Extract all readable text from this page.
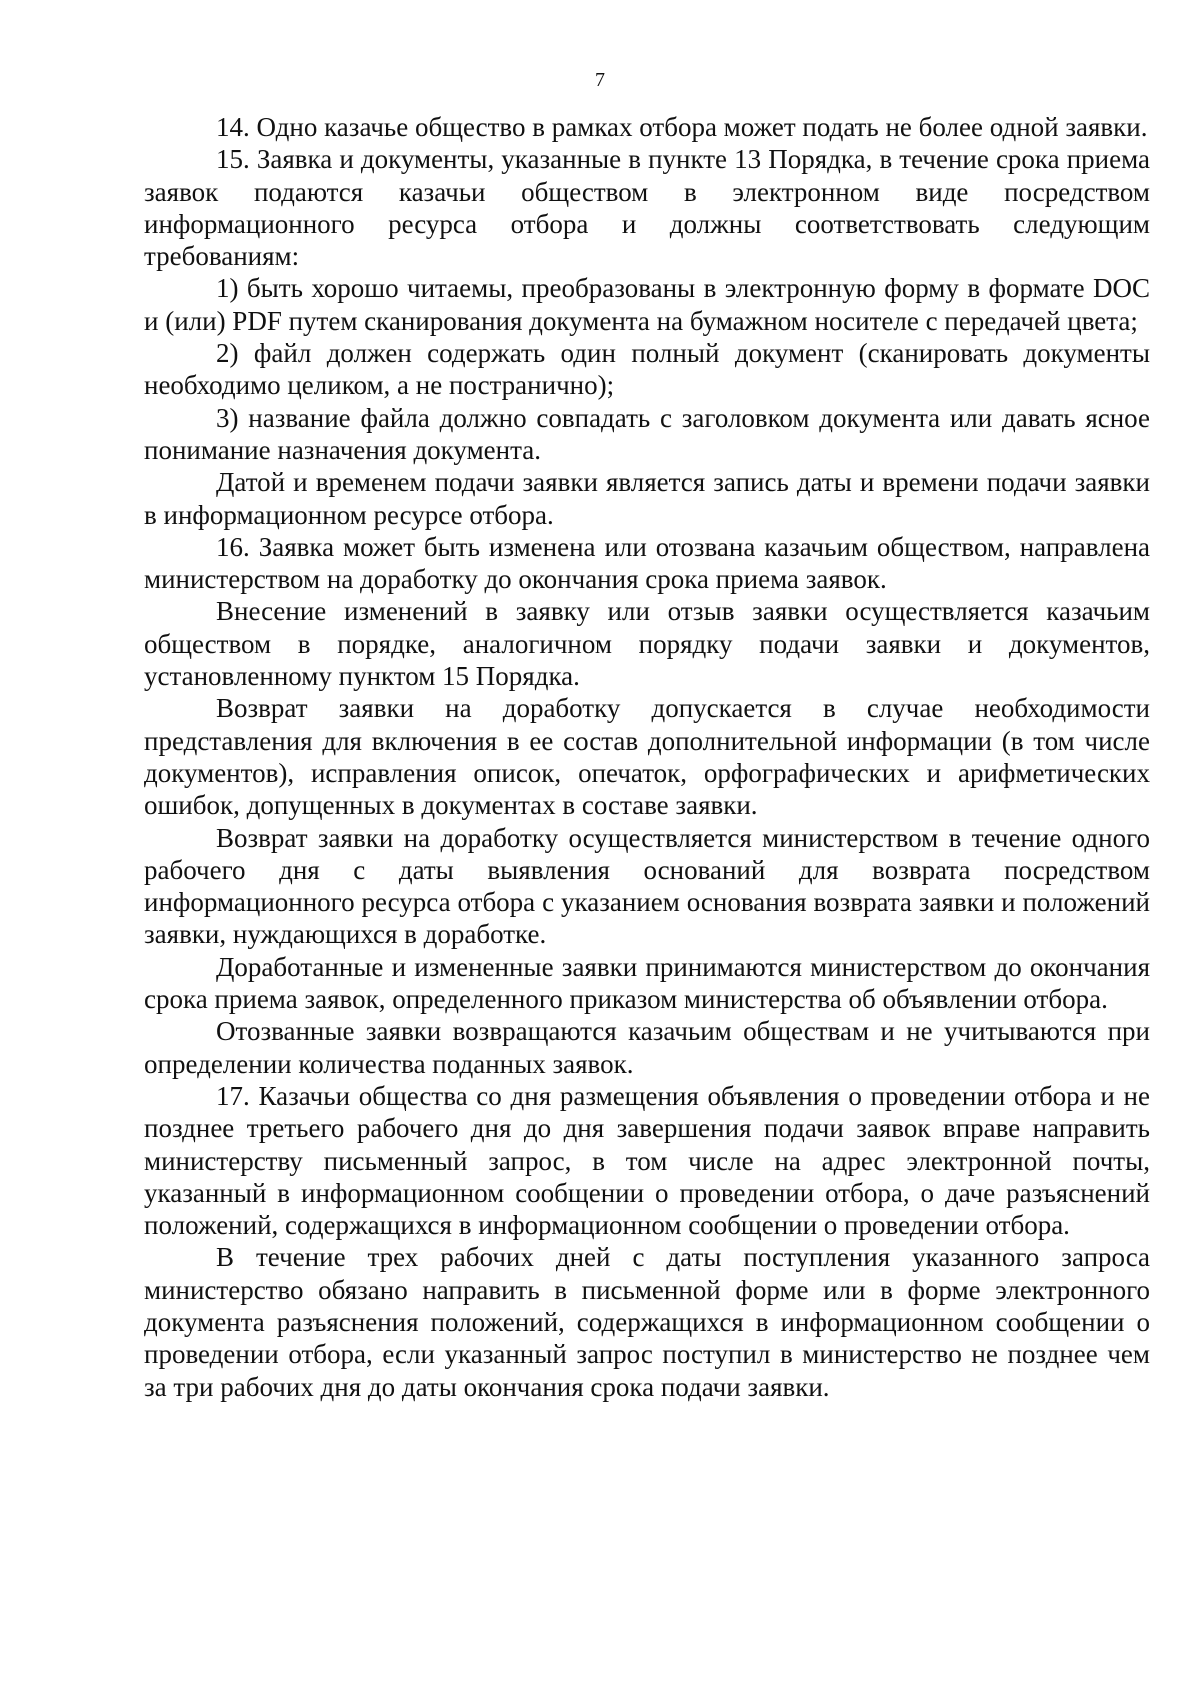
7

14. Одно казачье общество в рамках отбора может подать не более одной заявки.

15. Заявка и документы, указанные в пункте 13 Порядка, в течение срока приема заявок подаются казачьи обществом в электронном виде посредством информационного ресурса отбора и должны соответствовать следующим требованиям:

1) быть хорошо читаемы, преобразованы в электронную форму в формате DOC и (или) PDF путем сканирования документа на бумажном носителе с передачей цвета;

2) файл должен содержать один полный документ (сканировать документы необходимо целиком, а не постранично);

3) название файла должно совпадать с заголовком документа или давать ясное понимание назначения документа.

Датой и временем подачи заявки является запись даты и времени подачи заявки в информационном ресурсе отбора.

16. Заявка может быть изменена или отозвана казачьим обществом, направлена министерством на доработку до окончания срока приема заявок.

Внесение изменений в заявку или отзыв заявки осуществляется казачьим обществом в порядке, аналогичном порядку подачи заявки и документов, установленному пунктом 15 Порядка.

Возврат заявки на доработку допускается в случае необходимости представления для включения в ее состав дополнительной информации (в том числе документов), исправления описок, опечаток, орфографических и арифметических ошибок, допущенных в документах в составе заявки.

Возврат заявки на доработку осуществляется министерством в течение одного рабочего дня с даты выявления оснований для возврата посредством информационного ресурса отбора с указанием основания возврата заявки и положений заявки, нуждающихся в доработке.

Доработанные и измененные заявки принимаются министерством до окончания срока приема заявок, определенного приказом министерства об объявлении отбора.

Отозванные заявки возвращаются казачьим обществам и не учитываются при определении количества поданных заявок.

17. Казачьи общества со дня размещения объявления о проведении отбора и не позднее третьего рабочего дня до дня завершения подачи заявок вправе направить министерству письменный запрос, в том числе на адрес электронной почты, указанный в информационном сообщении о проведении отбора, о даче разъяснений положений, содержащихся в информационном сообщении о проведении отбора.

В течение трех рабочих дней с даты поступления указанного запроса министерство обязано направить в письменной форме или в форме электронного документа разъяснения положений, содержащихся в информационном сообщении о проведении отбора, если указанный запрос поступил в министерство не позднее чем за три рабочих дня до даты окончания срока подачи заявки.
